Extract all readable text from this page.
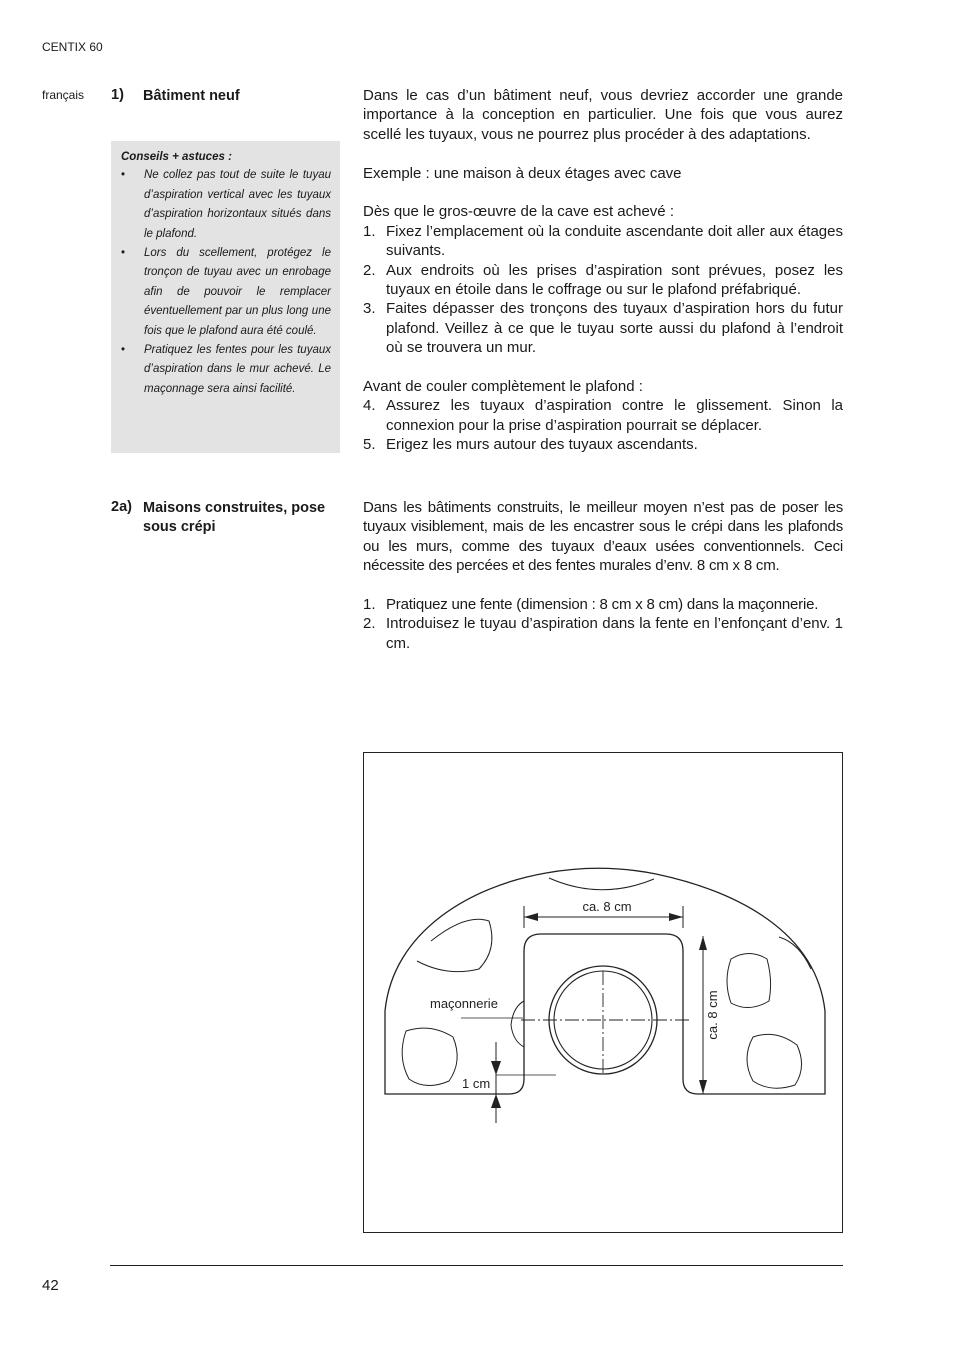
CENTIX 60
français 1) Bâtiment neuf
Conseils + astuces :
• Ne collez pas tout de suite le tuyau d’aspiration vertical avec les tuyaux d’aspiration horizontaux situés dans le plafond.
• Lors du scellement, protégez le tronçon de tuyau avec un enrobage afin de pouvoir le remplacer éventuellement par un plus long une fois que le plafond aura été coulé.
• Pratiquez les fentes pour les tuyaux d’aspiration dans le mur achevé. Le maçonnage sera ainsi facilité.
Dans le cas d’un bâtiment neuf, vous devriez accorder une grande importance à la conception en particulier. Une fois que vous aurez scellé les tuyaux, vous ne pourrez plus procéder à des adaptations.
Exemple : une maison à deux étages avec cave
Dès que le gros-œuvre de la cave est achevé :
1. Fixez l’emplacement où la conduite ascendante doit aller aux étages suivants.
2. Aux endroits où les prises d’aspiration sont prévues, posez les tuyaux en étoile dans le coffrage ou sur le plafond préfabriqué.
3. Faites dépasser des tronçons des tuyaux d’aspiration hors du futur plafond. Veillez à ce que le tuyau sorte aussi du plafond à l’endroit où se trouvera un mur.
Avant de couler complètement le plafond :
4. Assurez les tuyaux d’aspiration contre le glissement. Sinon la connexion pour la prise d’aspiration pourrait se déplacer.
5. Erigez les murs autour des tuyaux ascendants.
2a) Maisons construites, pose sous crépi
Dans les bâtiments construits, le meilleur moyen n’est pas de poser les tuyaux visiblement, mais de les encastrer sous le crépi dans les plafonds ou les murs, comme des tuyaux d’eaux usées conventionnels. Ceci nécessite des percées et des fentes murales d’env. 8 cm x 8 cm.
1. Pratiquez une fente (dimension : 8 cm x 8 cm) dans la maçonnerie.
2. Introduisez le tuyau d’aspiration dans la fente en l’enfonçant d’env. 1 cm.
ca. 8 cm
ca. 8 cm
maçonnerie
1 cm
42
